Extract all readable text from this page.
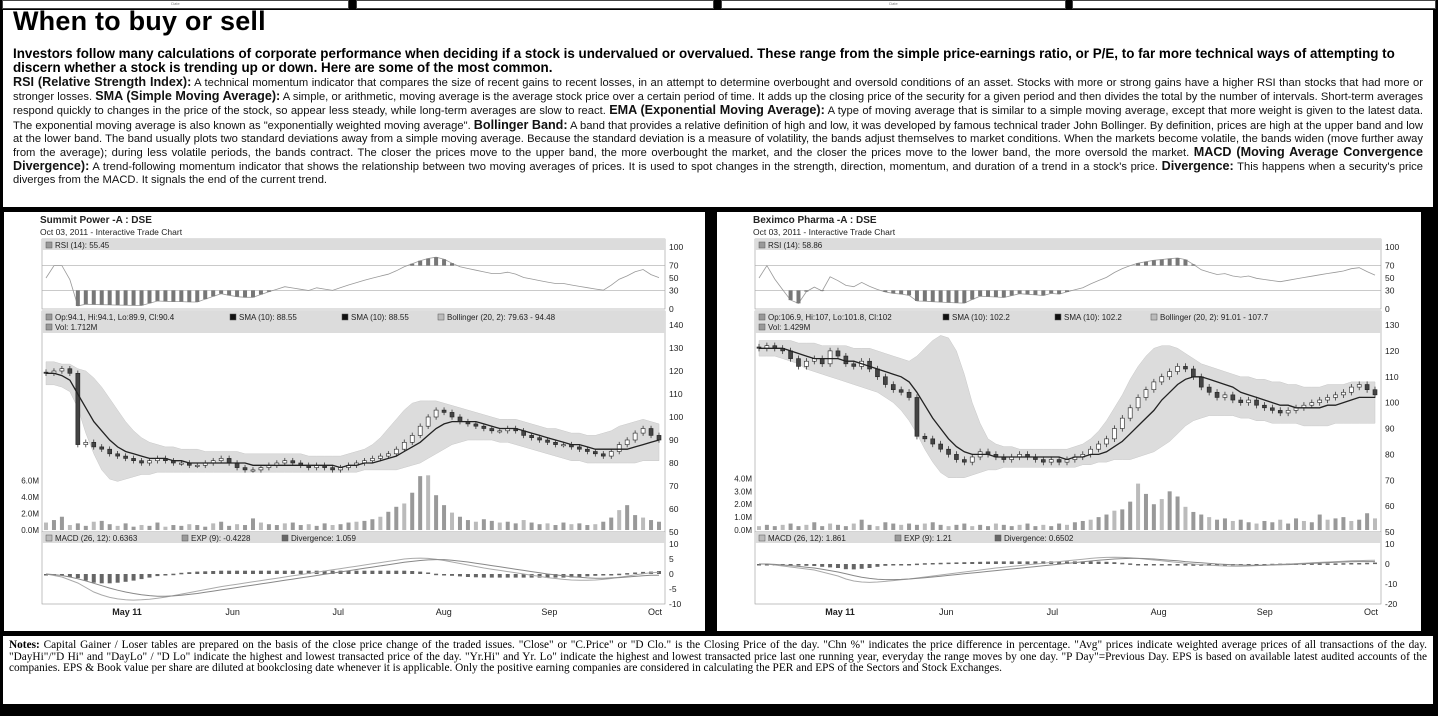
Date	Date
When to buy or sell

Investors follow many calculations of corporate performance when deciding if a stock is undervalued or overvalued. These range from the simple price-earnings ratio, or P/E, to far more technical ways of attempting to discern whether a stock is trending up or down. Here are some of the most common.

RSI (Relative Strength Index): A technical momentum indicator that compares the size of recent gains to recent losses, in an attempt to determine overbought and oversold conditions of an asset. Stocks with more or strong gains have a higher RSI than stocks that had more or stronger losses. SMA (Simple Moving Average): A simple, or arithmetic, moving average is the average stock price over a certain period of time. It adds up the closing price of the security for a given period and then divides the total by the number of intervals. Short-term averages respond quickly to changes in the price of the stock, so appear less steady, while long-term averages are slow to react. EMA (Exponential Moving Average): A type of moving average that is similar to a simple moving average, except that more weight is given to the latest data. The exponential moving average is also known as "exponentially weighted moving average". Bollinger Band: A band that provides a relative definition of high and low, it was developed by famous technical trader John Bollinger. By definition, prices are high at the upper band and low at the lower band. The band usually plots two standard deviations away from a simple moving average. Because the standard deviation is a measure of volatility, the bands adjust themselves to market conditions. When the markets become volatile, the bands widen (move further away from the average); during less volatile periods, the bands contract. The closer the prices move to the upper band, the more overbought the market, and the closer the prices move to the lower band, the more oversold the market. MACD (Moving Average Convergence Divergence): A trend-following momentum indicator that shows the relationship between two moving averages of prices. It is used to spot changes in the strength, direction, momentum, and duration of a trend in a stock's price. Divergence: This happens when a security's price diverges from the MACD. It signals the end of the current trend.

Summit Power -A : DSE
Oct 03, 2011 - Interactive Trade Chart
RSI (14): 55.45	100
70
50
30
0
Op:94.1, Hi:94.1, Lo:89.9, Cl:90.4	SMA (10): 88.55	SMA (10): 88.55	Bollinger (20, 2): 79.63 - 94.48
Vol: 1.712M	140
130
120
110
100
90
80
70
60
50
6.0M
4.0M
2.0M
0.0M
MACD (26, 12): 0.6363	EXP (9): -0.4228	Divergence: 1.059
10
5
0
-5
-10
May 11	Jun	Jul	Aug	Sep	Oct
Beximco Pharma -A : DSE
Oct 03, 2011 - Interactive Trade Chart
RSI (14): 58.86	100
70
50
30
0
Op:106.9, Hi:107, Lo:101.8, Cl:102	SMA (10): 102.2	SMA (10): 102.2	Bollinger (20, 2): 91.01 - 107.7
Vol: 1.429M	130
120
110
100
90
80
70
60
50
4.0M
3.0M
2.0M
1.0M
0.0M
MACD (26, 12): 1.861	EXP (9): 1.21	Divergence: 0.6502
10
0
-10
-20
May 11	Jun	Jul	Aug	Sep	Oct

Notes: Capital Gainer / Loser tables are prepared on the basis of the close price change of the traded issues. "Close" or "C.Price" or "D Clo." is the Closing Price of the day. "Chn %" indicates the price difference in percentage. "Avg" prices indicate weighted average prices of all transactions of the day. "DayHi"/"D Hi" and "DayLo" / "D Lo" indicate the highest and lowest transacted price of the day. "Yr.Hi" and Yr. Lo" indicate the highest and lowest transacted price last one running year, everyday the range moves by one day. "P Day"=Previous Day. EPS is based on available latest audited accounts of the companies. EPS & Book value per share are diluted at bookclosing date whenever it is applicable. Only the positive earning companies are considered in calculating the PER and EPS of the Sectors and Stock Exchanges.
